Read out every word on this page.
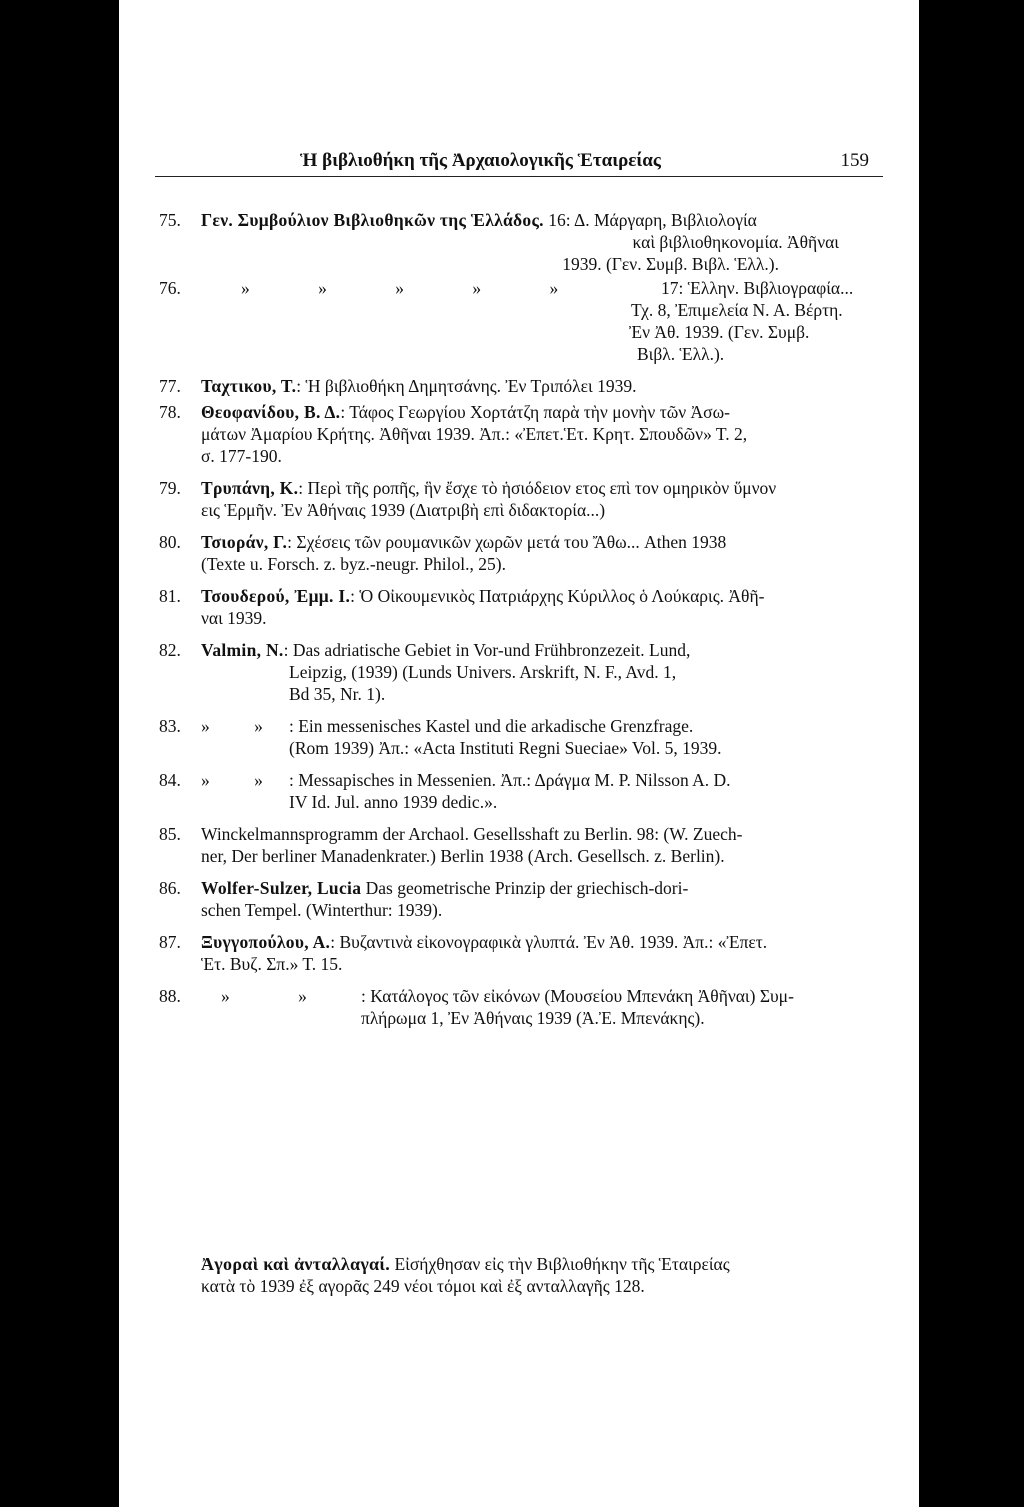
Ἡ βιβλιοθήκη τῆς Ἀρχαιολογικῆς Ἑταιρείας	159
75. Γεν. Συμβούλιον Βιβλιοθηκῶν της Ἑλλάδος. 16: Δ. Μάργαρη, Βιβλιολογία
καὶ βιβλιοθηκονομία. Ἀθῆναι
1939. (Γεν. Συμβ. Βιβλ. Ἑλλ.).
76.	» » » » »	17: Ἑλλην. Βιβλιογραφία...
Τχ. 8, Ἐπιμελεία Ν. Α. Βέρτη.
Ἐν Ἀθ. 1939. (Γεν. Συμβ.
Βιβλ. Ἑλλ.).
77. Ταχτικου, Τ.: Ἡ βιβλιοθήκη Δημητσάνης. Ἐν Τριπόλει 1939.
78. Θεοφανίδου, Β. Δ.: Τάφος Γεωργίου Χορτάτζη παρὰ τὴν μονὴν τῶν Ἀσω-
μάτων Ἀμαρίου Κρήτης. Ἀθῆναι 1939. Ἀπ.: «Ἐπετ.Ἑτ. Κρητ. Σπουδῶν» Τ. 2,
σ. 177-190.
79. Τρυπάνη, Κ.: Περὶ τῆς ροπῆς, ἣν ἔσχε τὸ ἡσιόδειον ετος επὶ τον ομηρικὸν ὕμνον
εις Ἑρμῆν. Ἐν Ἀθήναις 1939 (Διατριβὴ επὶ διδακτορία...)
80. Τσιοράν, Γ.: Σχέσεις τῶν ρουμανικῶν χωρῶν μετά του Ἄθω... Athen 1938
(Texte u. Forsch. z. byz.-neugr. Philol., 25).
81. Τσουδερού, Ἐμμ. Ι.: Ὁ Οἰκουμενικὸς Πατριάρχης Κύριλλος ὁ Λούκαρις. Ἀθῆ-
ναι 1939.
82. Valmin, N.: Das adriatische Gebiet in Vor-und Frühbronzezeit. Lund,
Leipzig, (1939) (Lunds Univers. Arskrift, N. F., Avd. 1,
Bd 35, Nr. 1).
83. » » : Ein messenisches Kastel und die arkadische Grenzfrage.
(Rom 1939) Ἀπ.: «Acta Instituti Regni Sueciae» Vol. 5, 1939.
84. » » : Messapisches in Messenien. Ἀπ.: Δράγμα M. P. Nilsson A. D.
IV Id. Jul. anno 1939 dedic.».
85. Winckelmannsprogramm der Archaol. Gesellsshaft zu Berlin. 98: (W. Zuech-
ner, Der berliner Manadenkrater.) Berlin 1938 (Arch. Gesellsch. z. Berlin).
86. Wolfer-Sulzer, Lucia Das geometrische Prinzip der griechisch-dori-
schen Tempel. (Winterthur: 1939).
87. Ξυγγοπούλου, Α.: Βυζαντινὰ εἰκονογραφικὰ γλυπτά. Ἐν Ἀθ. 1939. Ἀπ.: «Ἐπετ.
Ἑτ. Βυζ. Σπ.» Τ. 15.
88.	» »	: Κατάλογος τῶν εἰκόνων (Μουσείου Μπενάκη Ἀθῆναι) Συμ-
πλήρωμα 1, Ἐν Ἀθήναις 1939 (Ἀ.Ἐ. Μπενάκης).
Ἀγοραὶ καὶ ἀνταλλαγαί. Εἰσήχθησαν εἰς τὴν Βιβλιοθήκην τῆς Ἑταιρείας
κατὰ τὸ 1939 ἐξ αγορᾶς 249 νέοι τόμοι καὶ ἐξ ανταλλαγῆς 128.
